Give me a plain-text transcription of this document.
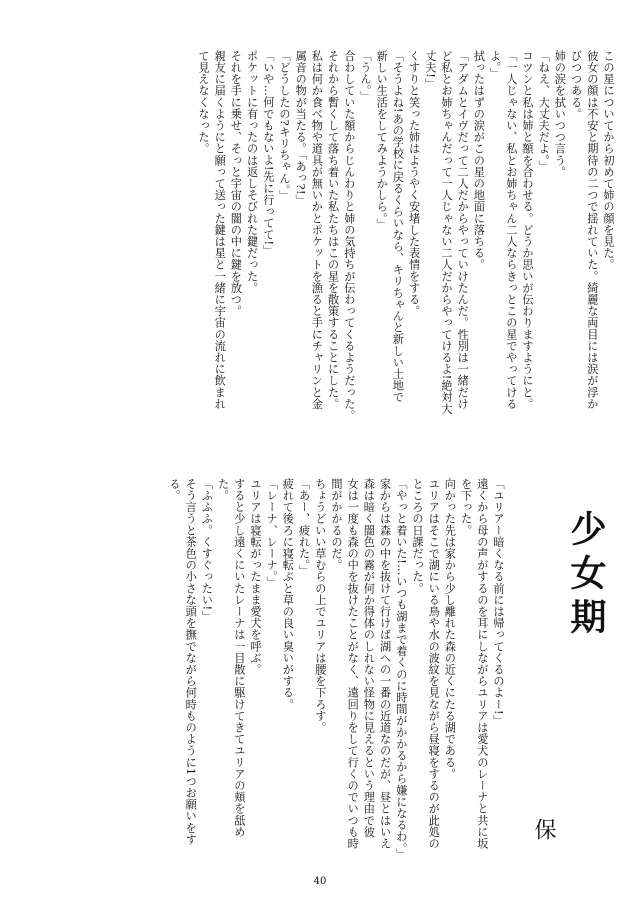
この星についてから初めて姉の顔を見た。
彼女の顔は不安と期待の二つで揺れていた。綺麗な両目には涙が浮か
びつつある。
姉の涙を拭いつつ言う。
「ねえ、大丈夫だよ。」
コツンと私は姉と額を合わせる。どうか思いが伝わりますようにと。
「一人じゃない、私とお姉ちゃん二人ならきっとこの星でやってける
よ。」
拭ったはずの涙がこの星の地面に落ちる。
「アダムとイヴだって二人だからやっていけたんだ。性別は一緒だけ
ど私とお姉ちゃんだって一人じゃない二人だからやってけるよ!絶対大
丈夫!」
くすりと笑った姉はようやく安堵した表情をする。
「そうよね!あの学校に戻るくらいなら、キリちゃんと新しい土地で
新しい生活をしてみようかしら。」
「うん。」
合わしていた額からじんわりと姉の気持ちが伝わってくるようだった。
それから暫くして落ち着いた私たちはこの星を散策することにした。
私は何か食べ物や道具が無いかとポケットを漁ると手にチャリンと金
属音の物が当たる。「あっ?!」
「どうしたの?キリちゃん。」
「いや…何でもないよ!先に行ってて!」
ポケットに有ったのは返しそびれた鍵だった。
それを手に乗せ、そっと宇宙の闇の中に鍵を放つ。
親友に届くようにと願って送った鍵は星と一緒に宇宙の流れに飲まれ
て見えなくなった。
「ユリアー暗くなる前には帰ってくるのよー!」
遠くから母の声がするのを耳にしながらユリアは愛犬のレーナと共に坂
を下った。
向かった先は家から少し離れた森の近くにたる湖である。
ユリアはそこで湖にいる鳥や水の波紋を見ながら昼寝をするのが此処の
ところの日課だった。
「やっと着いた!…いつも湖まで着くのに時間がかかるから嫌になるわ。」
家からは森の中を抜けて行けば湖への一番の近道なのだが、昼とはいえ
森は暗く闇色の霧が何か得体のしれない怪物に見えるという理由で彼
女は一度も森の中を抜けたことがなく、遠回りをして行くのでいつも時
間がかかるのだ。
ちょうどいい草むらの上でユリアは腰を下ろす。
「あー、疲れた。」
疲れて後ろに寝転ぶと草の良い臭いがする。
「レーナ、レーナ。」
ユリアは寝転がったまま愛犬を呼ぶ。
すると少し遠くにいたレーナは一目散に駆けてきてユリアの頬を舐め
た。
「ふふふ。くすぐったい!」
そう言うと茶色の小さな頭を撫でながら何時ものように1つお願いをす
る。
少女期
保
40
